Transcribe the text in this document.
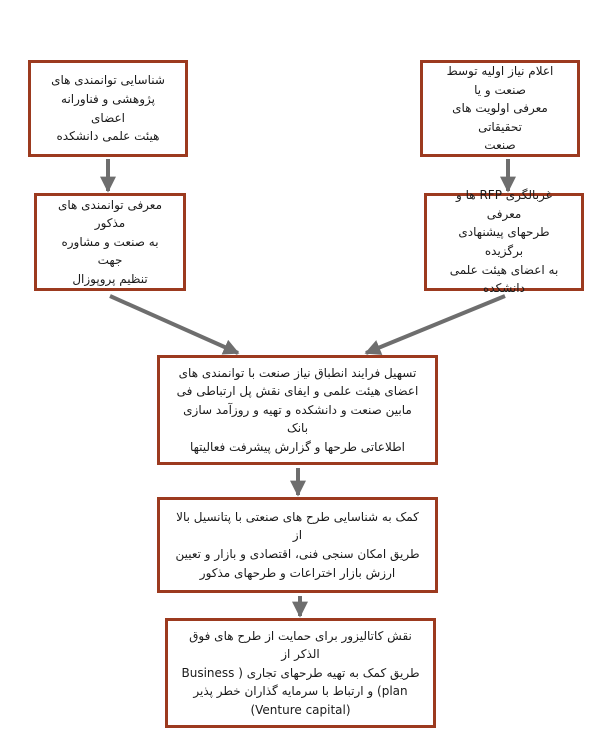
شناسایی توانمندی های
پژوهشی و فناورانه اعضای
هیئت علمی دانشکده
اعلام نیاز اولیه توسط صنعت و یا
معرفی اولویت های تحقیقاتی
صنعت
معرفی توانمندی های مذکور
به صنعت و مشاوره جهت
تنظیم پروپوزال
غربالگری RFP ها و معرفی
طرحهای پیشنهادی برگزیده
به اعضای هیئت علمی
دانشکده
تسهیل فرایند انطباق نیاز صنعت با توانمندی های
اعضای هیئت علمی و ایفای نقش پل ارتباطی فی
مابین صنعت و دانشکده و تهیه و روزآمد سازی بانک
اطلاعاتی طرحها و گزارش پیشرفت فعالیتها
کمک به شناسایی طرح های صنعتی با پتانسیل بالا از
طریق امکان سنجی فنی، اقتصادی و بازار و تعیین
ارزش بازار اختراعات و طرحهای مذکور
نقش کاتالیزور برای حمایت از طرح های فوق الذکر از
طریق کمک به تهیه طرحهای تجاری ( Business
plan) و ارتباط با سرمایه گذاران خطر پذیر
(Venture capital)
